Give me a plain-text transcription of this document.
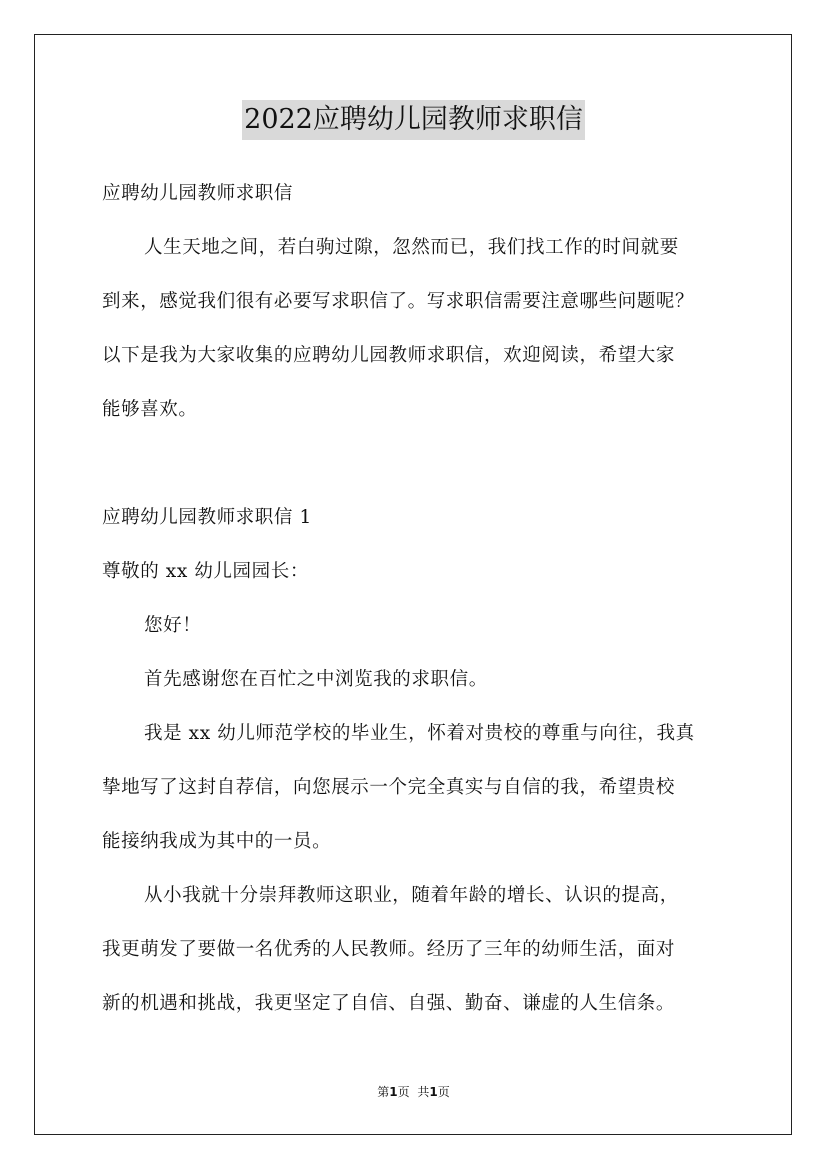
2022应聘幼儿园教师求职信
应聘幼儿园教师求职信
人生天地之间，若白驹过隙，忽然而已，我们找工作的时间就要
到来，感觉我们很有必要写求职信了。写求职信需要注意哪些问题呢？
以下是我为大家收集的应聘幼儿园教师求职信，欢迎阅读，希望大家
能够喜欢。
应聘幼儿园教师求职信 1
尊敬的 xx 幼儿园园长：
您好！
首先感谢您在百忙之中浏览我的求职信。
我是 xx 幼儿师范学校的毕业生，怀着对贵校的尊重与向往，我真
挚地写了这封自荐信，向您展示一个完全真实与自信的我，希望贵校
能接纳我成为其中的一员。
从小我就十分崇拜教师这职业，随着年龄的增长、认识的提高，
我更萌发了要做一名优秀的人民教师。经历了三年的幼师生活，面对
新的机遇和挑战，我更坚定了自信、自强、勤奋、谦虚的人生信条。
第1页 共1页
